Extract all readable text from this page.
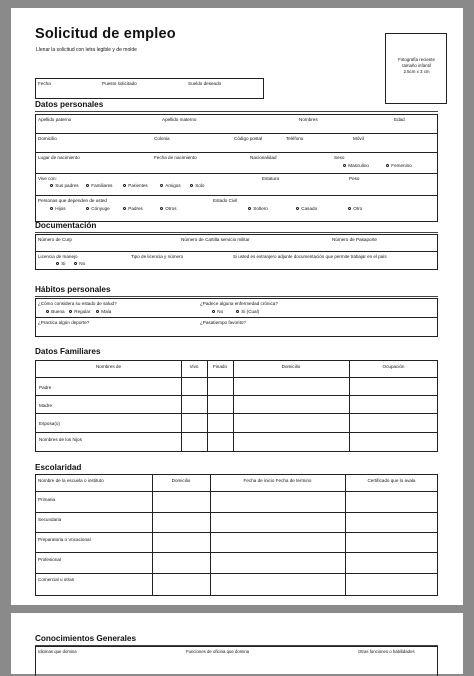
Solicitud de empleo
Llenar la solicitud con letra legible y de molde
Fotografía reciente
tamaño infantil
2.5cm x 3 cm
Fecha	Puesto solicitado	Sueldo deseado
Datos personales
Apellido paterno	Apellido materno	Nombres	Edad
Domicilio	Colonia	Código postal	Teléfono	Móvil
Lugar de nacimiento	Fecha de nacimiento	Nacionalidad	Sexo
Masculino	Femenino
Vive con:	Estatura	Peso
Sus padres	Familiares	Parientes	Amigos	Solo
Personas que dependen de usted	Estado Civil
Hijos	Cónyuge	Padres	Otros	Soltero	Casado	Otro
Documentación
Número de Curp	Número de Cartilla servicio militar	Número de Pasaporte
Licencia de manejo	Tipo de licencia y número	Si usted es extranjero adjunte documentación que permite trabajar en el país
Si	No
Hábitos personales
¿Cómo considera su estado de salud?	¿Padece alguna enfermedad crónica?
Buena	Regular	Mala	No	Si (Cual)
¿Practica algún deporte?	¿Pasatiempo favorito?
Datos Familiares
Nombres de	Vivo	Finado	Domicilio	Ocupación
Padre
Madre
Esposa(o)
Nombres de los hijos
Escolaridad
Nombre de la escuela o instituto	Domicilio	Fecha de inicio Fecha de termino	Certificado que lo avala
Primaria
Secundaria
Preparatoria o Vocacional
Profesional
Comercial u otras
Conocimientos Generales
Idiomas que domina	Funciones de oficina que domina	Otras funciones o habilidades
